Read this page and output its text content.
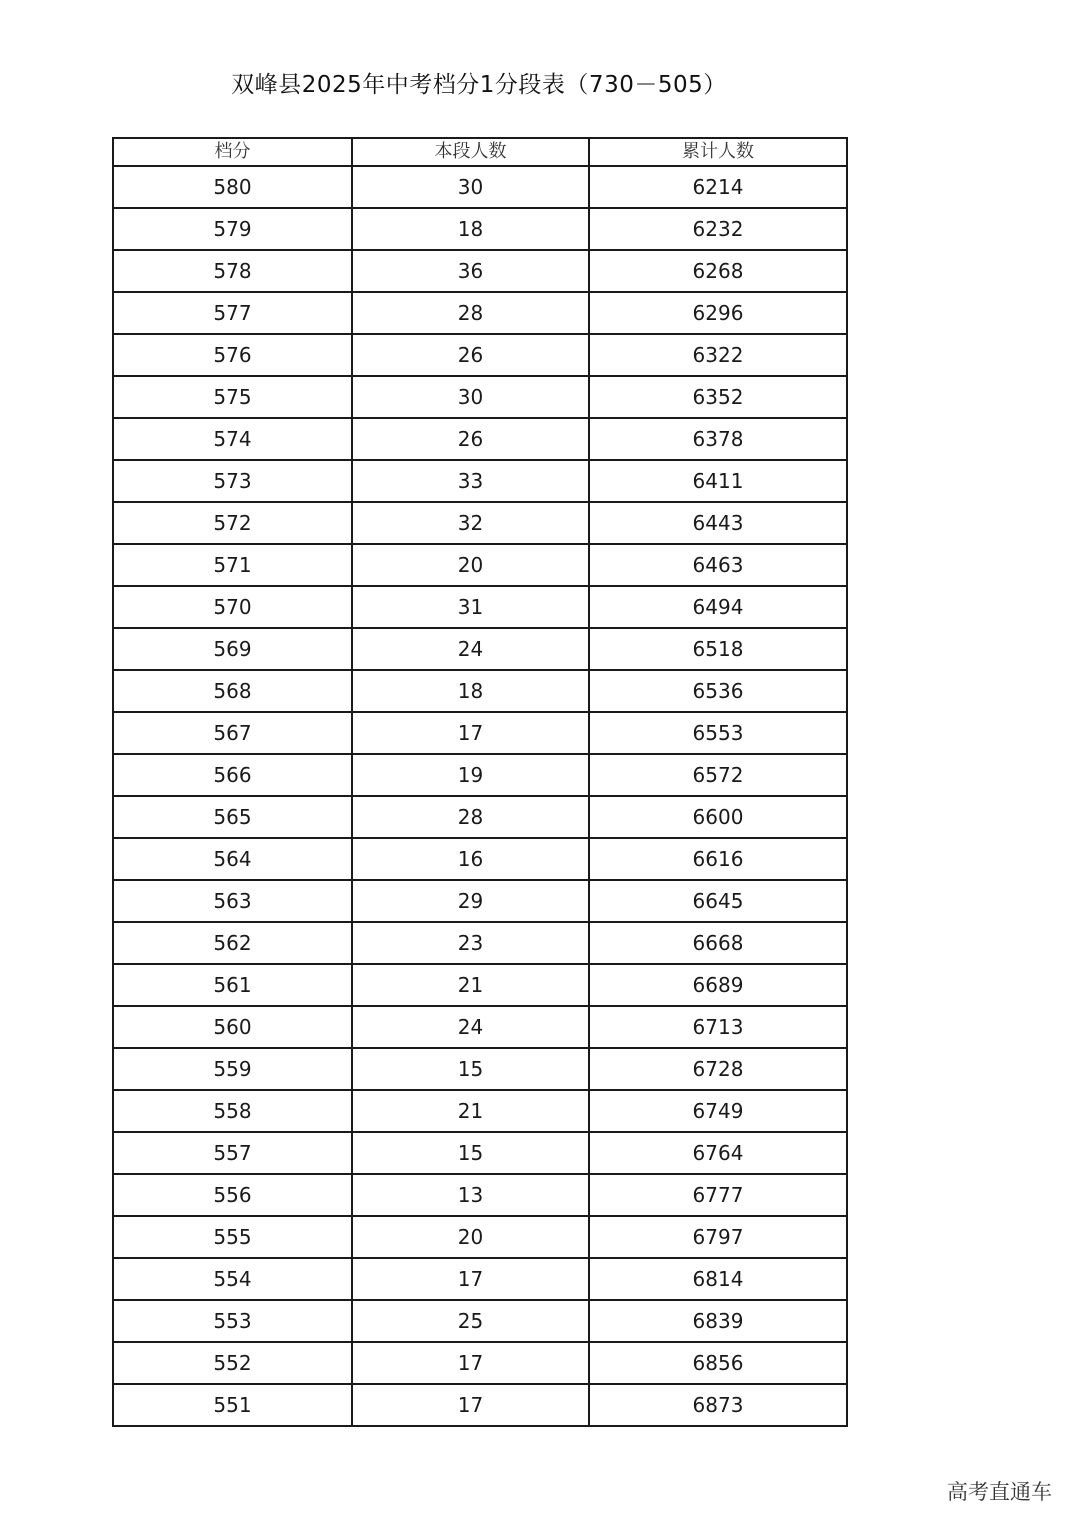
双峰县2025年中考档分1分段表（730－505）
档分	本段人数	累计人数
580	30	6214
579	18	6232
578	36	6268
577	28	6296
576	26	6322
575	30	6352
574	26	6378
573	33	6411
572	32	6443
571	20	6463
570	31	6494
569	24	6518
568	18	6536
567	17	6553
566	19	6572
565	28	6600
564	16	6616
563	29	6645
562	23	6668
561	21	6689
560	24	6713
559	15	6728
558	21	6749
557	15	6764
556	13	6777
555	20	6797
554	17	6814
553	25	6839
552	17	6856
551	17	6873
高考直通车
